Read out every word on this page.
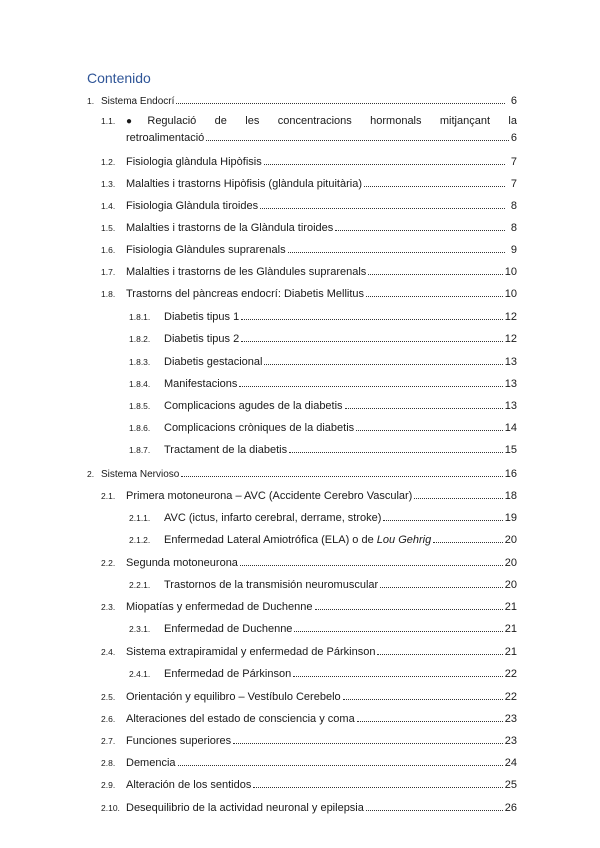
Contenido
1. Sistema Endocrí	6
1.1. ●Regulació de les concentracions hormonals mitjançant la
retroalimentació	6
1.2. Fisiologia glàndula Hipòfisis	7
1.3. Malalties i trastorns Hipòfisis (glàndula pituitària)	7
1.4. Fisiologia Glàndula tiroides	8
1.5. Malalties i trastorns de la Glàndula tiroides	8
1.6. Fisiologia Glàndules suprarenals	9
1.7. Malalties i trastorns de les Glàndules suprarenals	10
1.8. Trastorns del pàncreas endocrí: Diabetis Mellitus	10
1.8.1.	Diabetis tipus 1	12
1.8.2.	Diabetis tipus 2	12
1.8.3.	Diabetis gestacional	13
1.8.4.	Manifestacions	13
1.8.5.	Complicacions agudes de la diabetis	13
1.8.6.	Complicacions cròniques de la diabetis	14
1.8.7.	Tractament de la diabetis	15
2. Sistema Nervioso	16
2.1. Primera motoneurona – AVC (Accidente Cerebro Vascular)	18
2.1.1.	AVC (ictus, infarto cerebral, derrame, stroke)	19
2.1.2.	Enfermedad Lateral Amiotrófica (ELA) o de Lou Gehrig	20
2.2. Segunda motoneurona	20
2.2.1.	Trastornos de la transmisión neuromuscular	20
2.3. Miopatías y enfermedad de Duchenne	21
2.3.1.	Enfermedad de Duchenne	21
2.4. Sistema extrapiramidal y enfermedad de Párkinson	21
2.4.1.	Enfermedad de Párkinson	22
2.5. Orientación y equilibro – Vestíbulo Cerebelo	22
2.6. Alteraciones del estado de consciencia y coma	23
2.7. Funciones superiores	23
2.8. Demencia	24
2.9. Alteración de los sentidos	25
2.10. Desequilibrio de la actividad neuronal y epilepsia	26
